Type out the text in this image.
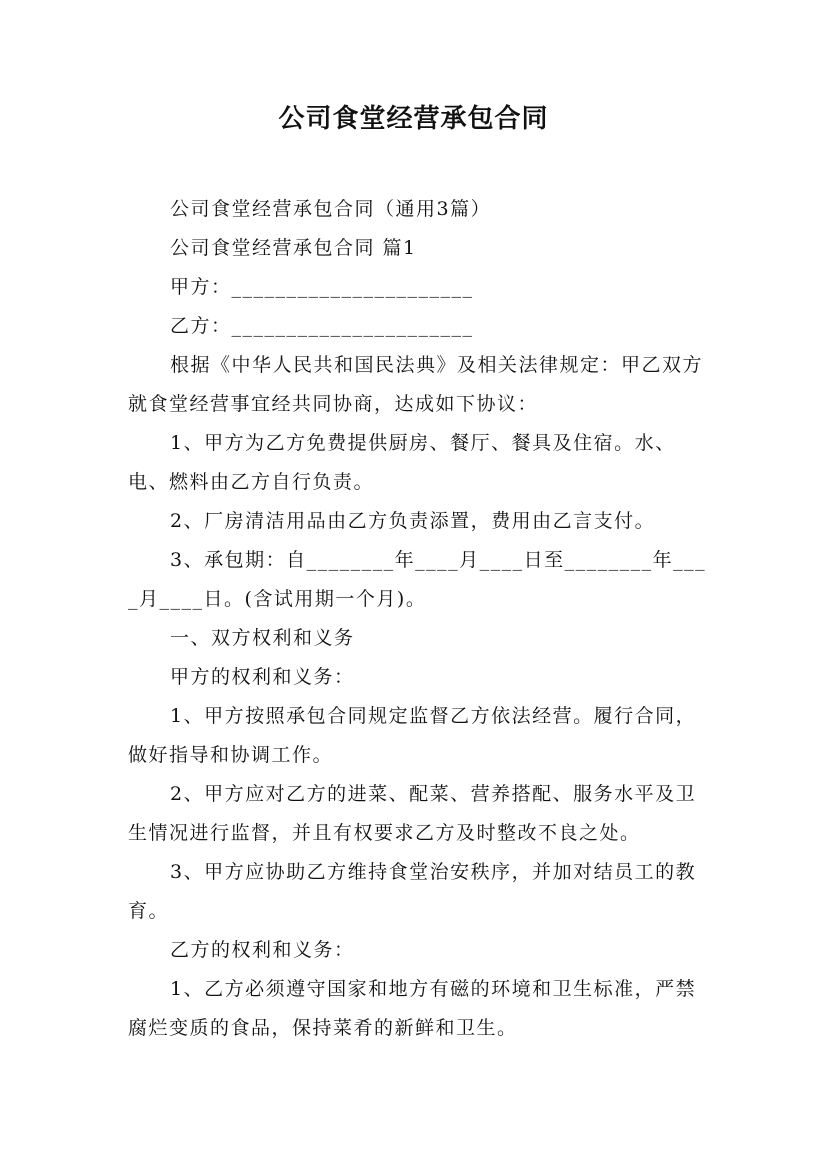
公司食堂经营承包合同

公司食堂经营承包合同（通用3篇）

公司食堂经营承包合同 篇1

甲方：______________________

乙方：______________________

根据《中华人民共和国民法典》及相关法律规定：甲乙双方就食堂经营事宜经共同协商，达成如下协议：

1、甲方为乙方免费提供厨房、餐厅、餐具及住宿。水、电、燃料由乙方自行负责。

2、厂房清洁用品由乙方负责添置，费用由乙言支付。

3、承包期：自________年____月____日至________年____月____日。(含试用期一个月)。

一、双方权利和义务

甲方的权利和义务：

1、甲方按照承包合同规定监督乙方依法经营。履行合同，做好指导和协调工作。

2、甲方应对乙方的进菜、配菜、营养搭配、服务水平及卫生情况进行监督，并且有权要求乙方及时整改不良之处。

3、甲方应协助乙方维持食堂治安秩序，并加对结员工的教育。

乙方的权利和义务：

1、乙方必须遵守国家和地方有磁的环境和卫生标准，严禁腐烂变质的食品，保持菜肴的新鲜和卫生。
